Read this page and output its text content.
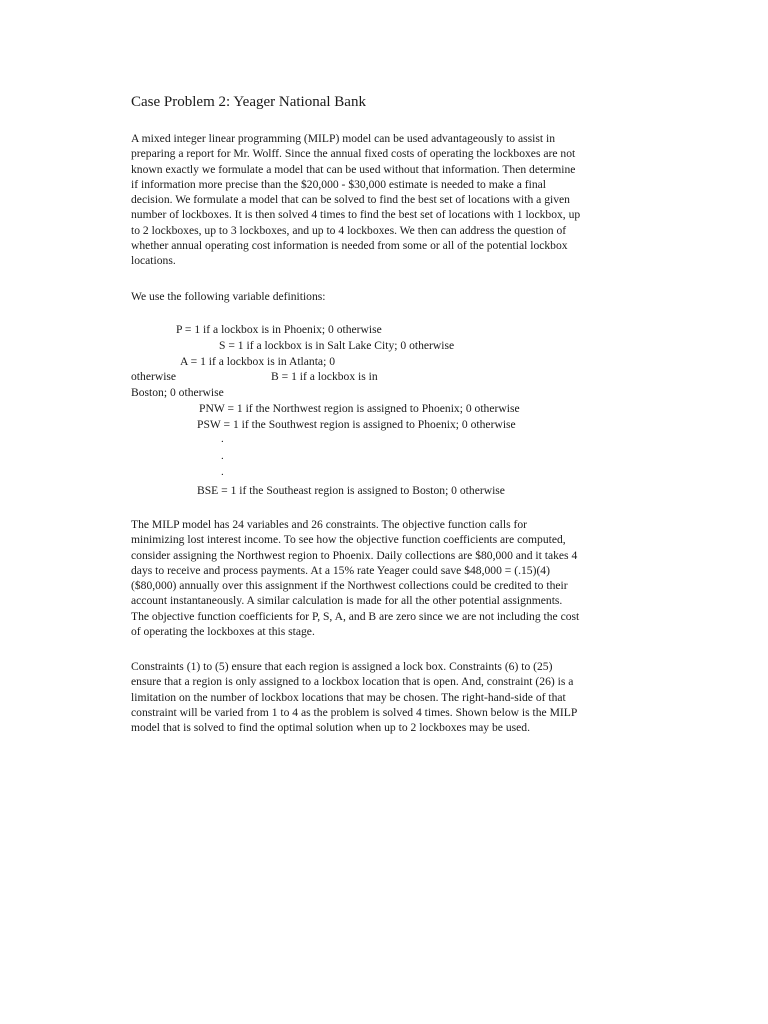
Case Problem 2: Yeager National Bank
A mixed integer linear programming (MILP) model can be used advantageously to assist in
preparing a report for Mr. Wolff. Since the annual fixed costs of operating the lockboxes are not
known exactly we formulate a model that can be used without that information. Then determine
if information more precise than the $20,000 - $30,000 estimate is needed to make a final
decision. We formulate a model that can be solved to find the best set of locations with a given
number of lockboxes. It is then solved 4 times to find the best set of locations with 1 lockbox, up
to 2 lockboxes, up to 3 lockboxes, and up to 4 lockboxes. We then can address the question of
whether annual operating cost information is needed from some or all of the potential lockbox
locations.
We use the following variable definitions:
P = 1 if a lockbox is in Phoenix; 0 otherwise
S = 1 if a lockbox is in Salt Lake City; 0 otherwise
A = 1 if a lockbox is in Atlanta; 0
otherwise	B = 1 if a lockbox is in
Boston; 0 otherwise
PNW = 1 if the Northwest region is assigned to Phoenix; 0 otherwise
PSW = 1 if the Southwest region is assigned to Phoenix; 0 otherwise
.
.
.
BSE = 1 if the Southeast region is assigned to Boston; 0 otherwise
The MILP model has 24 variables and 26 constraints. The objective function calls for
minimizing lost interest income. To see how the objective function coefficients are computed,
consider assigning the Northwest region to Phoenix. Daily collections are $80,000 and it takes 4
days to receive and process payments. At a 15% rate Yeager could save $48,000 = (.15)(4)
($80,000) annually over this assignment if the Northwest collections could be credited to their
account instantaneously. A similar calculation is made for all the other potential assignments.
The objective function coefficients for P, S, A, and B are zero since we are not including the cost
of operating the lockboxes at this stage.
Constraints (1) to (5) ensure that each region is assigned a lock box. Constraints (6) to (25)
ensure that a region is only assigned to a lockbox location that is open. And, constraint (26) is a
limitation on the number of lockbox locations that may be chosen. The right-hand-side of that
constraint will be varied from 1 to 4 as the problem is solved 4 times. Shown below is the MILP
model that is solved to find the optimal solution when up to 2 lockboxes may be used.
